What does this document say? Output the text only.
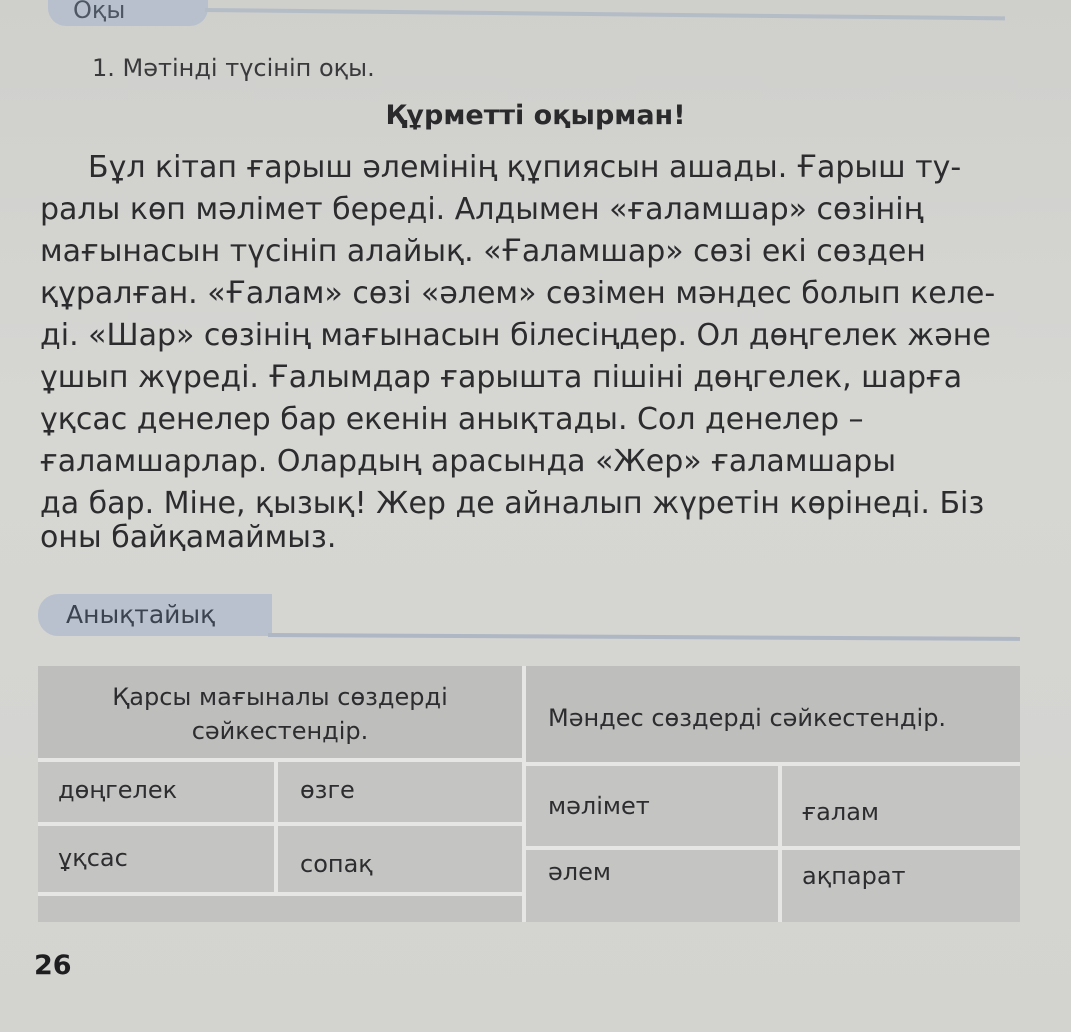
Оқы
1. Мәтінді түсініп оқы.
Құрметті оқырман!
Бұл кітап ғарыш әлемінің құпиясын ашады. Ғарыш ту-
ралы көп мәлімет береді. Алдымен «ғаламшар» сөзінің
мағынасын түсініп алайық. «Ғаламшар» сөзі екі сөзден
құралған. «Ғалам» сөзі «әлем» сөзімен мәндес болып келе-
ді. «Шар» сөзінің мағынасын білесіңдер. Ол дөңгелек және
ұшып жүреді. Ғалымдар ғарышта пішіні дөңгелек, шарға
ұқсас денелер бар екенін анықтады. Сол денелер –
ғаламшарлар. Олардың арасында «Жер» ғаламшары
да бар. Міне, қызық! Жер де айналып жүретін көрінеді. Біз
оны байқамаймыз.
Анықтайық
Қарсы мағыналы сөздерді
сәйкестендір.	Мәндес сөздерді сәйкестендір.
дөңгелек	өзге
ұқсас	сопақ
мәлімет	ғалам
әлем	ақпарат
26
